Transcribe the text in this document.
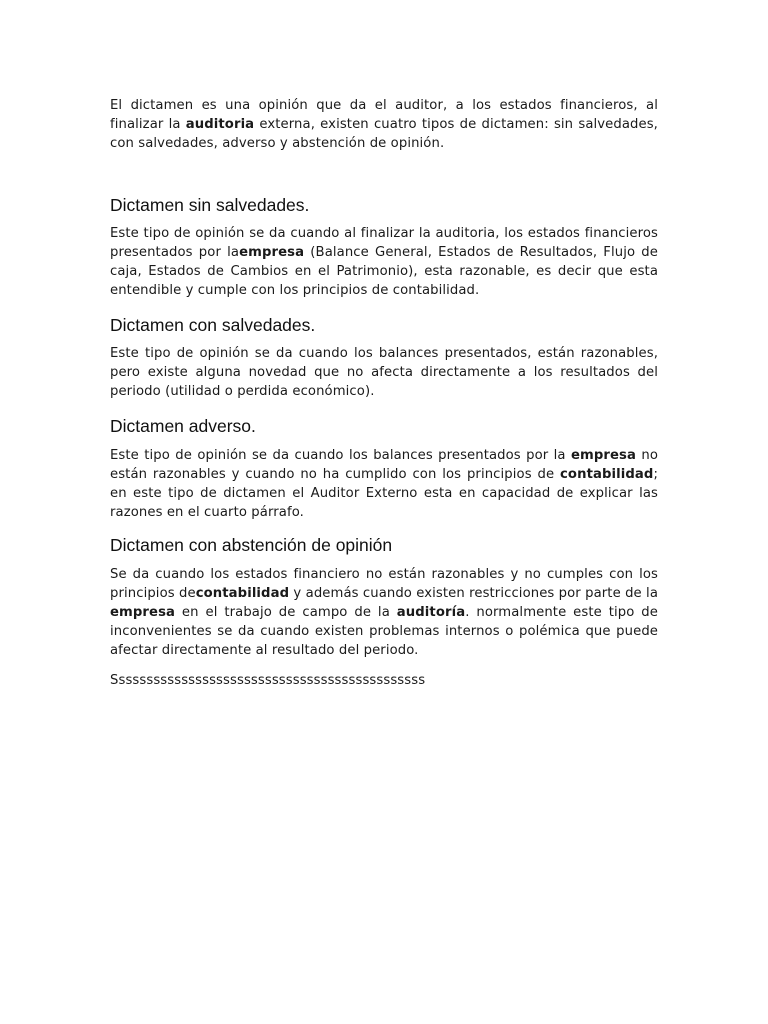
El dictamen es una opinión que da el auditor, a los estados financieros, al finalizar la auditoria externa, existen cuatro tipos de dictamen: sin salvedades, con salvedades, adverso y abstención de opinión.

Dictamen sin salvedades.

Este tipo de opinión se da cuando al finalizar la auditoria, los estados financieros presentados por laempresa (Balance General, Estados de Resultados, Flujo de caja, Estados de Cambios en el Patrimonio), esta razonable, es decir que esta entendible y cumple con los principios de contabilidad.

Dictamen con salvedades.

Este tipo de opinión se da cuando los balances presentados, están razonables, pero existe alguna novedad que no afecta directamente a los resultados del periodo (utilidad o perdida económico).

Dictamen adverso.

Este tipo de opinión se da cuando los balances presentados por la empresa no están razonables y cuando no ha cumplido con los principios de contabilidad; en este tipo de dictamen el Auditor Externo esta en capacidad de explicar las razones en el cuarto párrafo.

Dictamen con abstención de opinión

Se da cuando los estados financiero no están razonables y no cumples con los principios decontabilidad y además cuando existen restricciones por parte de la empresa en el trabajo de campo de la auditoría. normalmente este tipo de inconvenientes se da cuando existen problemas internos o polémica que puede afectar directamente al resultado del periodo.

Sssssssssssssssssssssssssssssssssssssssssssss
